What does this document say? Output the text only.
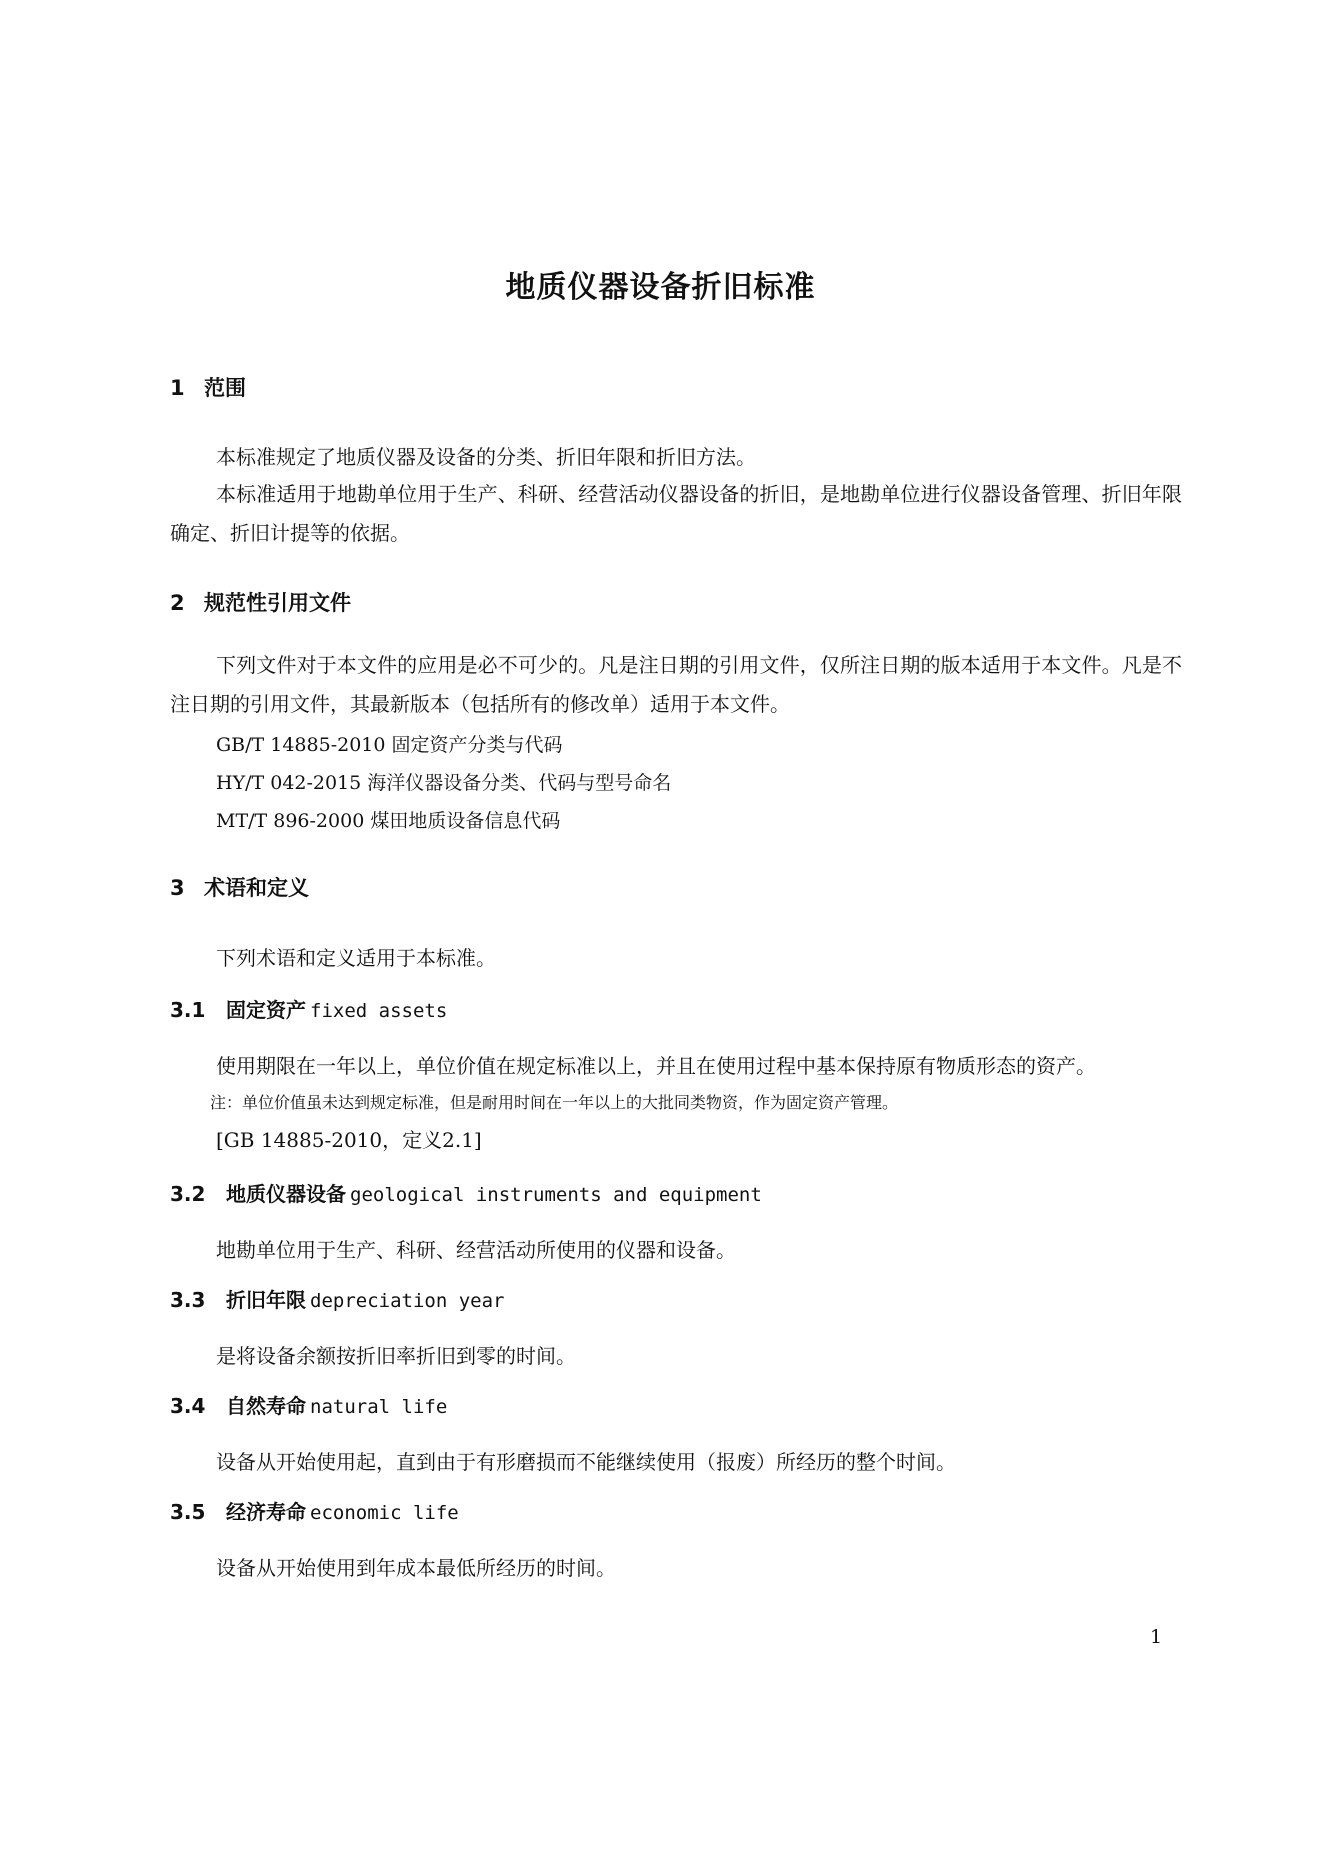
地质仪器设备折旧标准
1 范围
本标准规定了地质仪器及设备的分类、折旧年限和折旧方法。
本标准适用于地勘单位用于生产、科研、经营活动仪器设备的折旧，是地勘单位进行仪器设备管理、折旧年限确定、折旧计提等的依据。
2 规范性引用文件
下列文件对于本文件的应用是必不可少的。凡是注日期的引用文件，仅所注日期的版本适用于本文件。凡是不注日期的引用文件，其最新版本（包括所有的修改单）适用于本文件。
GB/T 14885-2010 固定资产分类与代码
HY/T 042-2015 海洋仪器设备分类、代码与型号命名
MT/T 896-2000 煤田地质设备信息代码
3 术语和定义
下列术语和定义适用于本标准。
3.1 固定资产 fixed assets
使用期限在一年以上，单位价值在规定标准以上，并且在使用过程中基本保持原有物质形态的资产。
注：单位价值虽未达到规定标准，但是耐用时间在一年以上的大批同类物资，作为固定资产管理。
[GB 14885-2010，定义2.1]
3.2 地质仪器设备 geological instruments and equipment
地勘单位用于生产、科研、经营活动所使用的仪器和设备。
3.3 折旧年限 depreciation year
是将设备余额按折旧率折旧到零的时间。
3.4 自然寿命 natural life
设备从开始使用起，直到由于有形磨损而不能继续使用（报废）所经历的整个时间。
3.5 经济寿命 economic life
设备从开始使用到年成本最低所经历的时间。
1
